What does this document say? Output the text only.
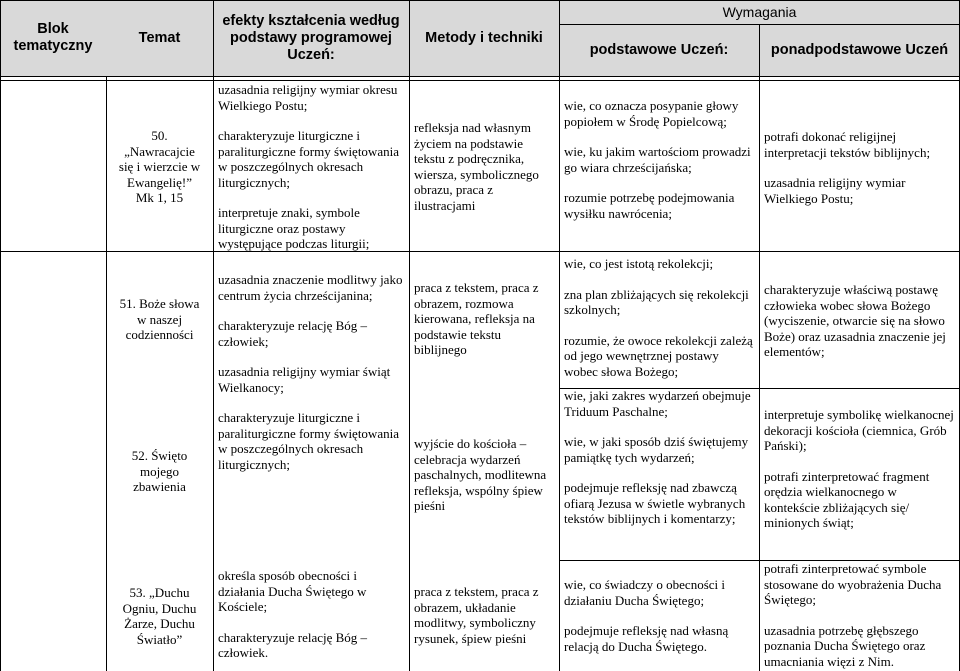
Blok tematyczny
Temat
efekty kształcenia według podstawy programowej Uczeń:
Metody i techniki
Wymagania
podstawowe Uczeń:	ponadpodstawowe Uczeń

50.

„Nawracajcie

się i wierzcie w

Ewangelię!”

Mk 1, 15

51. Boże słowa

w naszej

codzienności

52. Święto

mojego

zbawienia

53. „Duchu

Ogniu, Duchu

Żarze, Duchu

Światło”

uzasadnia religijny wymiar okresu Wielkiego Postu;

charakteryzuje liturgiczne i paraliturgiczne formy świętowania w poszczególnych okresach liturgicznych;

interpretuje znaki, symbole liturgiczne oraz postawy występujące podczas liturgii;

uzasadnia znaczenie modlitwy jako centrum życia chrześcijanina;

charakteryzuje relację Bóg – człowiek;

uzasadnia religijny wymiar świąt Wielkanocy;

charakteryzuje liturgiczne i paraliturgiczne formy świętowania w poszczególnych okresach liturgicznych;

określa sposób obecności i działania Ducha Świętego w Kościele;

charakteryzuje relację Bóg – człowiek.

refleksja nad własnym życiem na podstawie tekstu z podręcznika, wiersza, symbolicznego obrazu, praca z ilustracjami

praca z tekstem, praca z obrazem, rozmowa kierowana, refleksja na podstawie tekstu biblijnego

wyjście do kościoła – celebracja wydarzeń paschalnych, modlitewna refleksja, wspólny śpiew pieśni

praca z tekstem, praca z obrazem, układanie modlitwy, symboliczny rysunek, śpiew pieśni

wie, co oznacza posypanie głowy popiołem w Środę Popielcową;

wie, ku jakim wartościom prowadzi go wiara chrześcijańska;

rozumie potrzebę podejmowania wysiłku nawrócenia;

wie, co jest istotą rekolekcji;

zna plan zbliżających się rekolekcji szkolnych;

rozumie, że owoce rekolekcji zależą od jego wewnętrznej postawy wobec słowa Bożego;

wie, jaki zakres wydarzeń obejmuje Triduum Paschalne;

wie, w jaki sposób dziś świętujemy pamiątkę tych wydarzeń;

podejmuje refleksję nad zbawczą ofiarą Jezusa w świetle wybranych tekstów biblijnych i komentarzy;

wie, co świadczy o obecności i działaniu Ducha Świętego;

podejmuje refleksję nad własną relacją do Ducha Świętego.

potrafi dokonać religijnej interpretacji tekstów biblijnych;

uzasadnia religijny wymiar Wielkiego Postu;

charakteryzuje właściwą postawę człowieka wobec słowa Bożego (wyciszenie, otwarcie się na słowo Boże) oraz uzasadnia znaczenie jej elementów;

interpretuje symbolikę wielkanocnej dekoracji kościoła (ciemnica, Grób Pański);

potrafi zinterpretować fragment orędzia wielkanocnego w kontekście zbliżających się/ minionych świąt;

potrafi zinterpretować symbole stosowane do wyobrażenia Ducha Świętego;

uzasadnia potrzebę głębszego poznania Ducha Świętego oraz umacniania więzi z Nim.
